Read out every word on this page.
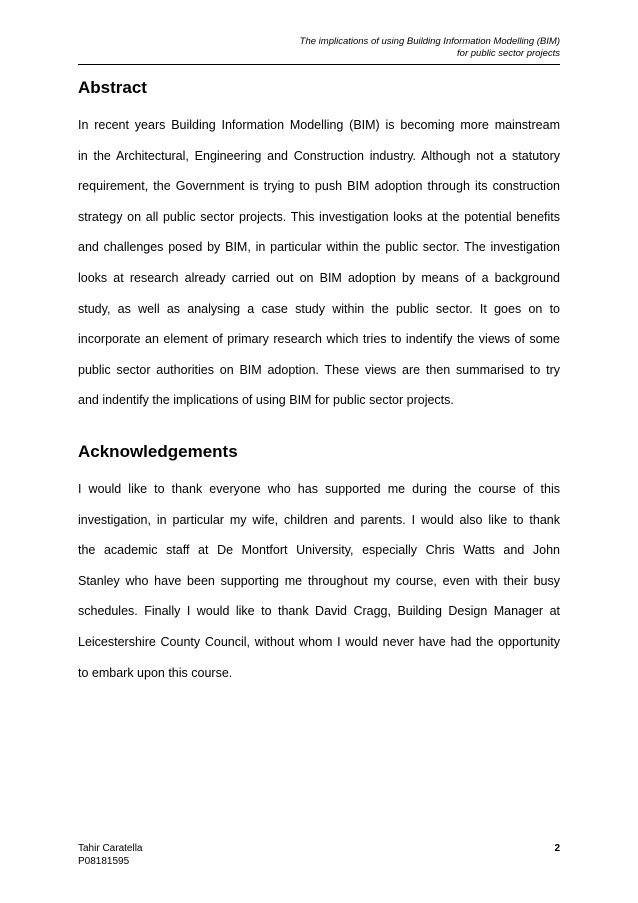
The implications of using Building Information Modelling (BIM)
for public sector projects
Abstract
In recent years Building Information Modelling (BIM) is becoming more mainstream
in the Architectural, Engineering and Construction industry. Although not a statutory
requirement, the Government is trying to push BIM adoption through its construction
strategy on all public sector projects. This investigation looks at the potential benefits
and challenges posed by BIM, in particular within the public sector. The investigation
looks at research already carried out on BIM adoption by means of a background
study, as well as analysing a case study within the public sector. It goes on to
incorporate an element of primary research which tries to indentify the views of some
public sector authorities on BIM adoption. These views are then summarised to try
and indentify the implications of using BIM for public sector projects.
Acknowledgements
I would like to thank everyone who has supported me during the course of this
investigation, in particular my wife, children and parents. I would also like to thank
the academic staff at De Montfort University, especially Chris Watts and John
Stanley who have been supporting me throughout my course, even with their busy
schedules. Finally I would like to thank David Cragg, Building Design Manager at
Leicestershire County Council, without whom I would never have had the opportunity
to embark upon this course.
Tahir Caratella
P08181595
2
